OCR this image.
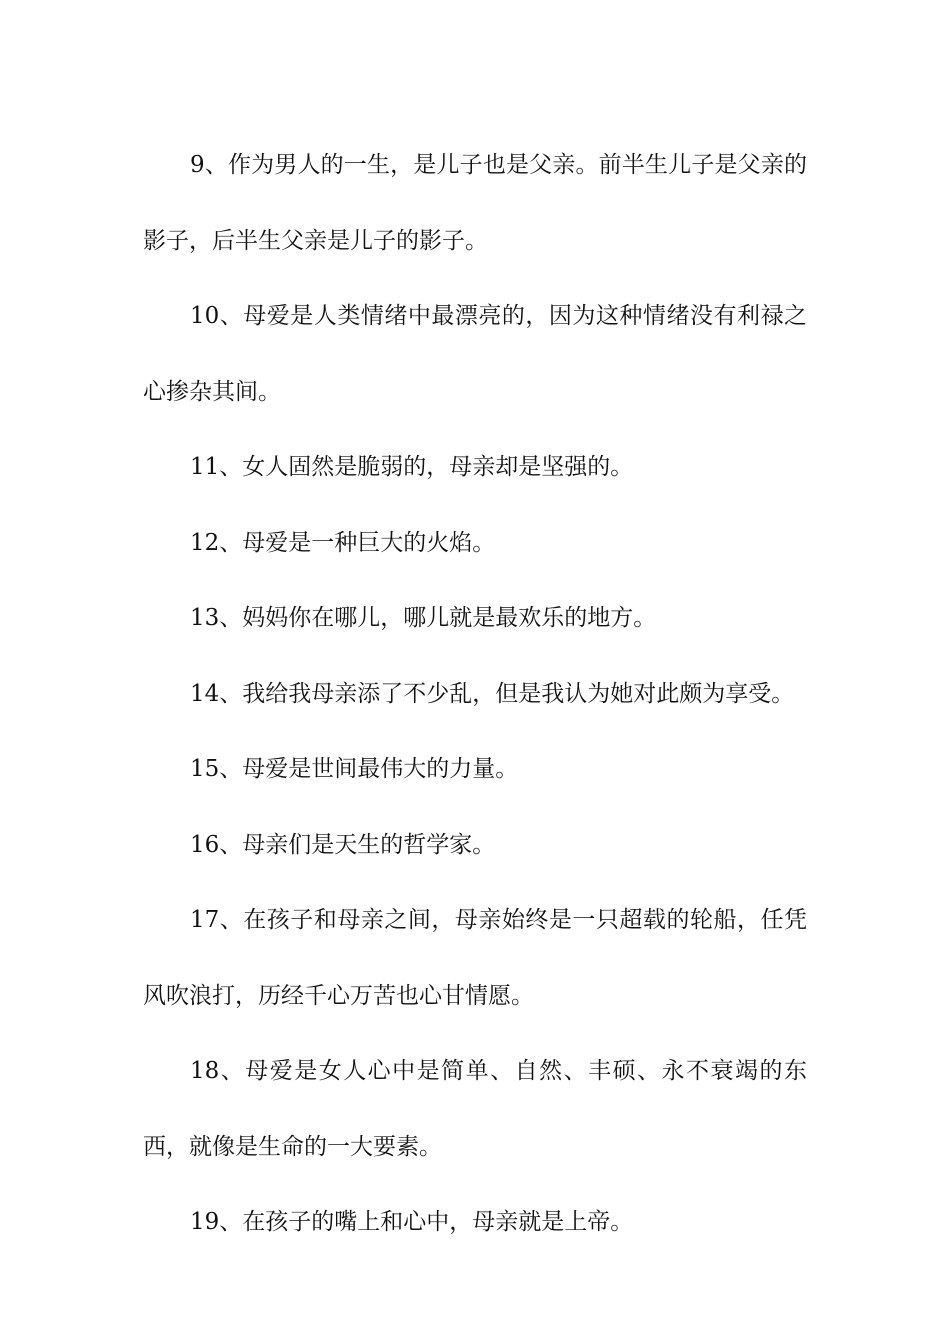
9、作为男人的一生，是儿子也是父亲。前半生儿子是父亲的影子，后半生父亲是儿子的影子。

10、母爱是人类情绪中最漂亮的，因为这种情绪没有利禄之心掺杂其间。

11、女人固然是脆弱的，母亲却是坚强的。

12、母爱是一种巨大的火焰。

13、妈妈你在哪儿，哪儿就是最欢乐的地方。

14、我给我母亲添了不少乱，但是我认为她对此颇为享受。

15、母爱是世间最伟大的力量。

16、母亲们是天生的哲学家。

17、在孩子和母亲之间，母亲始终是一只超载的轮船，任凭风吹浪打，历经千心万苦也心甘情愿。

18、母爱是女人心中是简单、自然、丰硕、永不衰竭的东西，就像是生命的一大要素。

19、在孩子的嘴上和心中，母亲就是上帝。
